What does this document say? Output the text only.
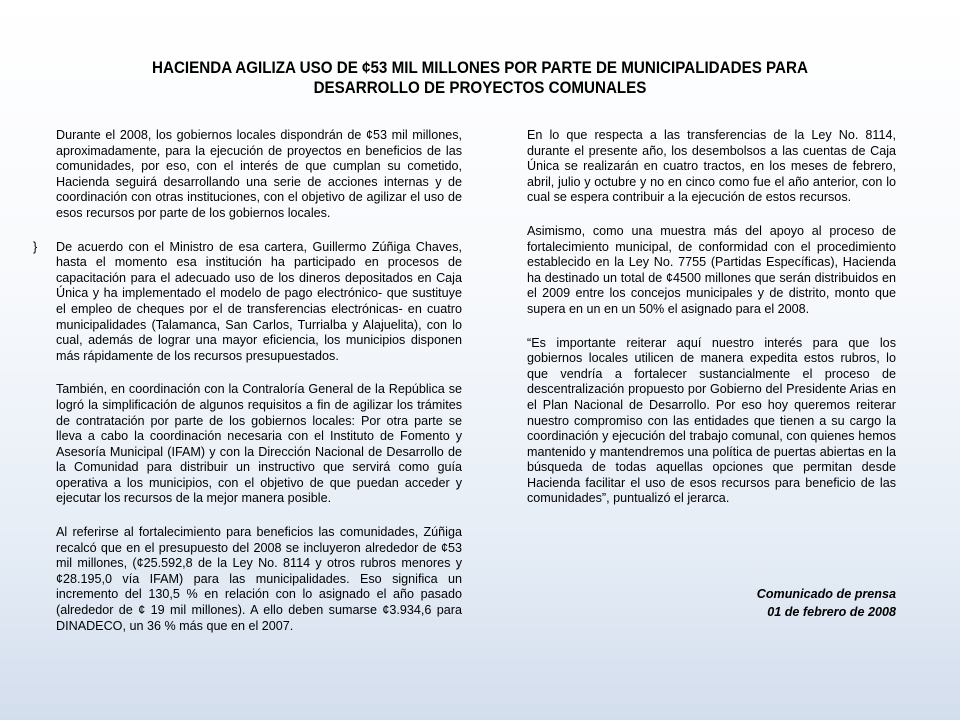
HACIENDA AGILIZA USO DE ¢53 MIL MILLONES POR PARTE DE MUNICIPALIDADES PARA
DESARROLLO DE PROYECTOS COMUNALES
}

Durante el 2008, los gobiernos locales dispondrán de ¢53 mil millones, aproximadamente, para la ejecución de proyectos en beneficios de las comunidades, por eso, con el interés de que cumplan su cometido, Hacienda seguirá desarrollando una serie de acciones internas y de coordinación con otras instituciones, con el objetivo de agilizar el uso de esos recursos por parte de los gobiernos locales.

De acuerdo con el Ministro de esa cartera, Guillermo Zúñiga Chaves, hasta el momento esa institución ha participado en procesos de capacitación para el adecuado uso de los dineros depositados en Caja Única y ha implementado el modelo de pago electrónico- que sustituye el empleo de cheques por el de transferencias electrónicas- en cuatro municipalidades (Talamanca, San Carlos, Turrialba y Alajuelita), con lo cual, además de lograr una mayor eficiencia, los municipios disponen más rápidamente de los recursos presupuestados.

También, en coordinación con la Contraloría General de la República se logró la simplificación de algunos requisitos a fin de agilizar los trámites de contratación por parte de los gobiernos locales: Por otra parte se lleva a cabo la coordinación necesaria con el Instituto de Fomento y Asesoría Municipal (IFAM) y con la Dirección Nacional de Desarrollo de la Comunidad para distribuir un instructivo que servirá como guía operativa a los municipios, con el objetivo de que puedan acceder y ejecutar los recursos de la mejor manera posible.

Al referirse al fortalecimiento para beneficios las comunidades, Zúñiga recalcó que en el presupuesto del 2008 se incluyeron alrededor de ¢53 mil millones, (¢25.592,8 de la Ley No. 8114 y otros rubros menores y ¢28.195,0 vía IFAM) para las municipalidades. Eso significa un incremento del 130,5 % en relación con lo asignado el año pasado (alrededor de ¢ 19 mil millones). A ello deben sumarse ¢3.934,6 para DINADECO, un 36 % más que en el 2007.

En lo que respecta a las transferencias de la Ley No. 8114, durante el presente año, los desembolsos a las cuentas de Caja Única se realizarán en cuatro tractos, en los meses de febrero, abril, julio y octubre y no en cinco como fue el año anterior, con lo cual se espera contribuir a la ejecución de estos recursos.

Asimismo, como una muestra más del apoyo al proceso de fortalecimiento municipal, de conformidad con el procedimiento establecido en la Ley No. 7755 (Partidas Específicas), Hacienda ha destinado un total de ¢4500 millones que serán distribuidos en el 2009 entre los concejos municipales y de distrito, monto que supera en un en un 50% el asignado para el 2008.

“Es importante reiterar aquí nuestro interés para que los gobiernos locales utilicen de manera expedita estos rubros, lo que vendría a fortalecer sustancialmente el proceso de descentralización propuesto por Gobierno del Presidente Arias en el Plan Nacional de Desarrollo. Por eso hoy queremos reiterar nuestro compromiso con las entidades que tienen a su cargo la coordinación y ejecución del trabajo comunal, con quienes hemos mantenido y mantendremos una política de puertas abiertas en la búsqueda de todas aquellas opciones que permitan desde Hacienda facilitar el uso de esos recursos para beneficio de las comunidades”, puntualizó el jerarca.

Comunicado de prensa
01 de febrero de 2008
